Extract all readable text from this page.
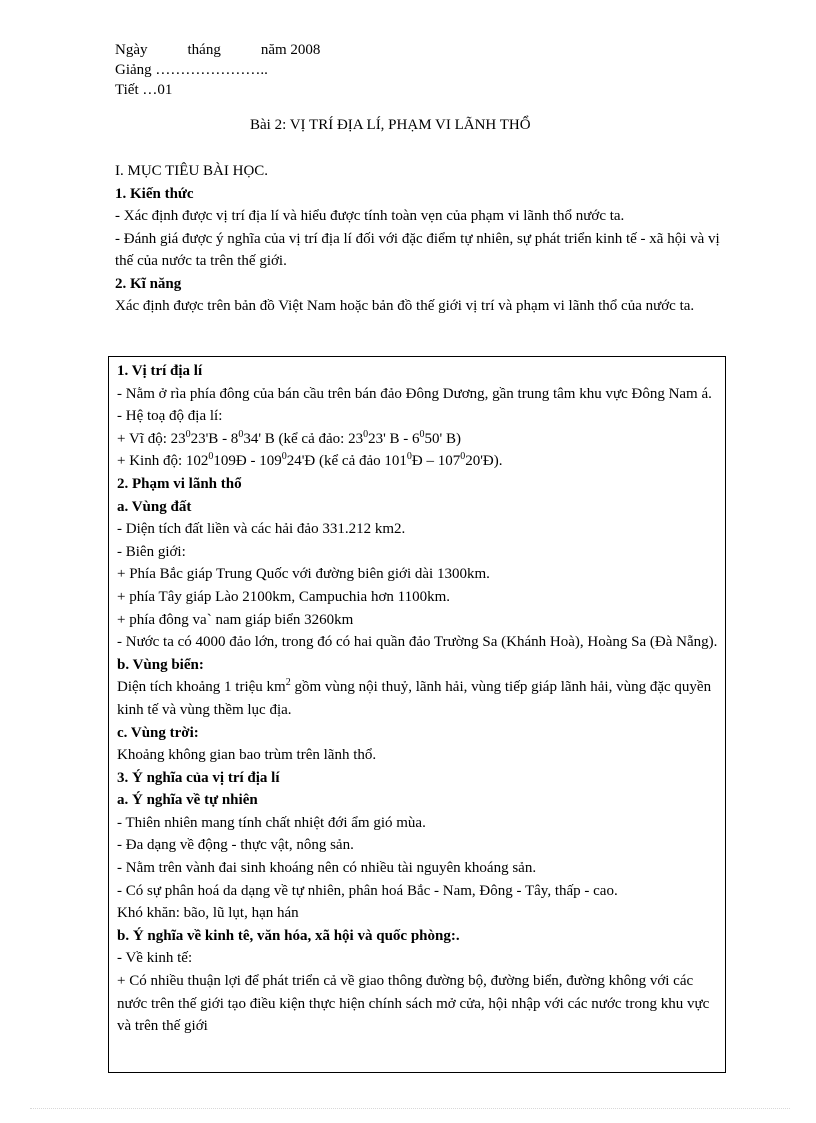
Ngày	tháng	năm 2008
Giảng …………………..
Tiết …01
Bài 2: VỊ TRÍ ĐỊA LÍ, PHẠM VI LÃNH THỔ

I. MỤC TIÊU BÀI HỌC.

1. Kiến thức

- Xác định được vị trí địa lí và hiểu được tính toàn vẹn của phạm vi lãnh thổ nước ta.

- Đánh giá được ý nghĩa của vị trí địa lí đối với đặc điểm tự nhiên, sự phát triển kinh tế - xã hội và vị thế của nước ta trên thế giới.

2. Kĩ năng

Xác định được trên bản đồ Việt Nam hoặc bản đồ thế giới vị trí và phạm vi lãnh thổ của nước ta.

1. Vị trí địa lí

- Nằm ở rìa phía đông của bán cầu trên bán đảo Đông Dương, gần trung tâm khu vực Đông Nam á.

- Hệ toạ độ địa lí:

+ Vĩ độ: $23^023'B - 8^034'$ B (kể cả đảo: $23^023'$ B - $6^050'$ B)

+ Kinh độ: $102^0109Đ$ - $109^024'Đ$ (kể cả đảo $101^0Đ$ – $107^020'Đ$).

2. Phạm vi lãnh thổ

a. Vùng đất

- Diện tích đất liền và các hải đảo 331.212 km2.

- Biên giới:

+ Phía Bắc giáp Trung Quốc với đường biên giới dài 1300km.

+ phía Tây giáp Lào 2100km, Campuchia hơn 1100km.

+ phía đông va` nam giáp biển 3260km

- Nước ta có 4000 đảo lớn, trong đó có hai quần đảo Trường Sa (Khánh Hoà), Hoàng Sa (Đà Nẵng).

b. Vùng biển:

Diện tích khoảng 1 triệu $km^2$ gồm vùng nội thuỷ, lãnh hải, vùng tiếp giáp lãnh hải, vùng đặc quyền kinh tế và vùng thềm lục địa.

c. Vùng trời:

Khoảng không gian bao trùm trên lãnh thổ.

3. Ý nghĩa của vị trí địa lí

a. Ý nghĩa về tự nhiên

- Thiên nhiên mang tính chất nhiệt đới ẩm gió mùa.

- Đa dạng về động - thực vật, nông sản.

- Nằm trên vành đai sinh khoáng nên có nhiều tài nguyên khoáng sản.

- Có sự phân hoá da dạng về tự nhiên, phân hoá Bắc - Nam, Đông - Tây, thấp - cao.

Khó khăn: bão, lũ lụt, hạn hán

b. Ý nghĩa về kinh tê, văn hóa, xã hội và quốc phòng:.

- Về kinh tế:

+ Có nhiều thuận lợi để phát triển cả về giao thông đường bộ, đường biển, đường không với các nước trên thế giới tạo điều kiện thực hiện chính sách mở cửa, hội nhập với các nước trong khu vực và trên thế giới
